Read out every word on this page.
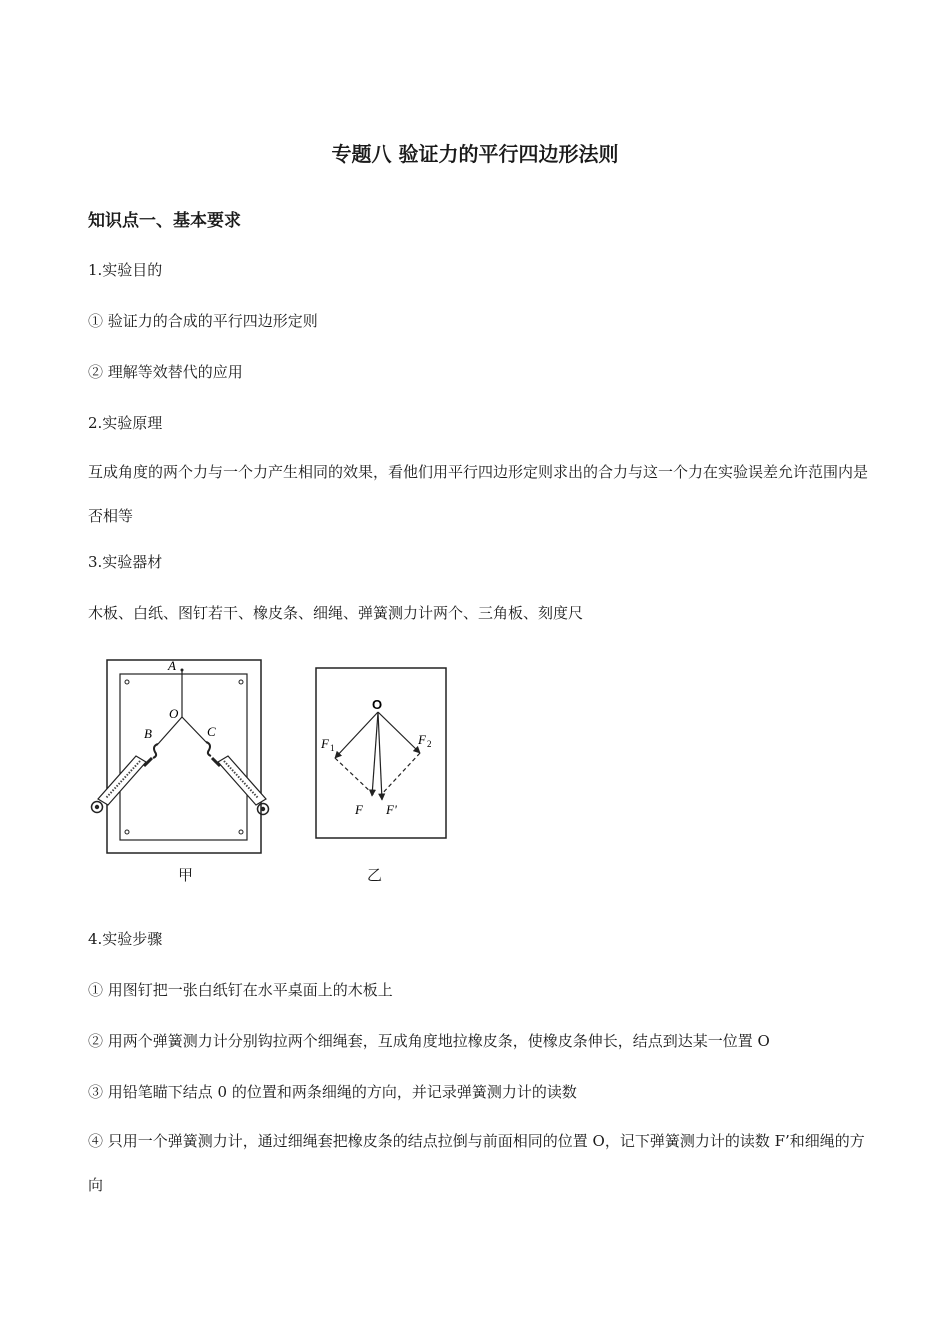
专题八 验证力的平行四边形法则
知识点一、基本要求
1.实验目的
① 验证力的合成的平行四边形定则
② 理解等效替代的应用
2.实验原理
互成角度的两个力与一个力产生相同的效果，看他们用平行四边形定则求出的合力与这一个力在实验误差允许范围内是否相等
3.实验器材
木板、白纸、图钉若干、橡皮条、细绳、弹簧测力计两个、三角板、刻度尺
A
O
B	C
甲
O
F 1
F 2
F F'
乙
4.实验步骤
① 用图钉把一张白纸钉在水平桌面上的木板上
② 用两个弹簧测力计分别钩拉两个细绳套，互成角度地拉橡皮条，使橡皮条伸长，结点到达某一位置 O
③ 用铅笔瞄下结点 0 的位置和两条细绳的方向，并记录弹簧测力计的读数
④ 只用一个弹簧测力计，通过细绳套把橡皮条的结点拉倒与前面相同的位置 O，记下弹簧测力计的读数 F’和细绳的方向
